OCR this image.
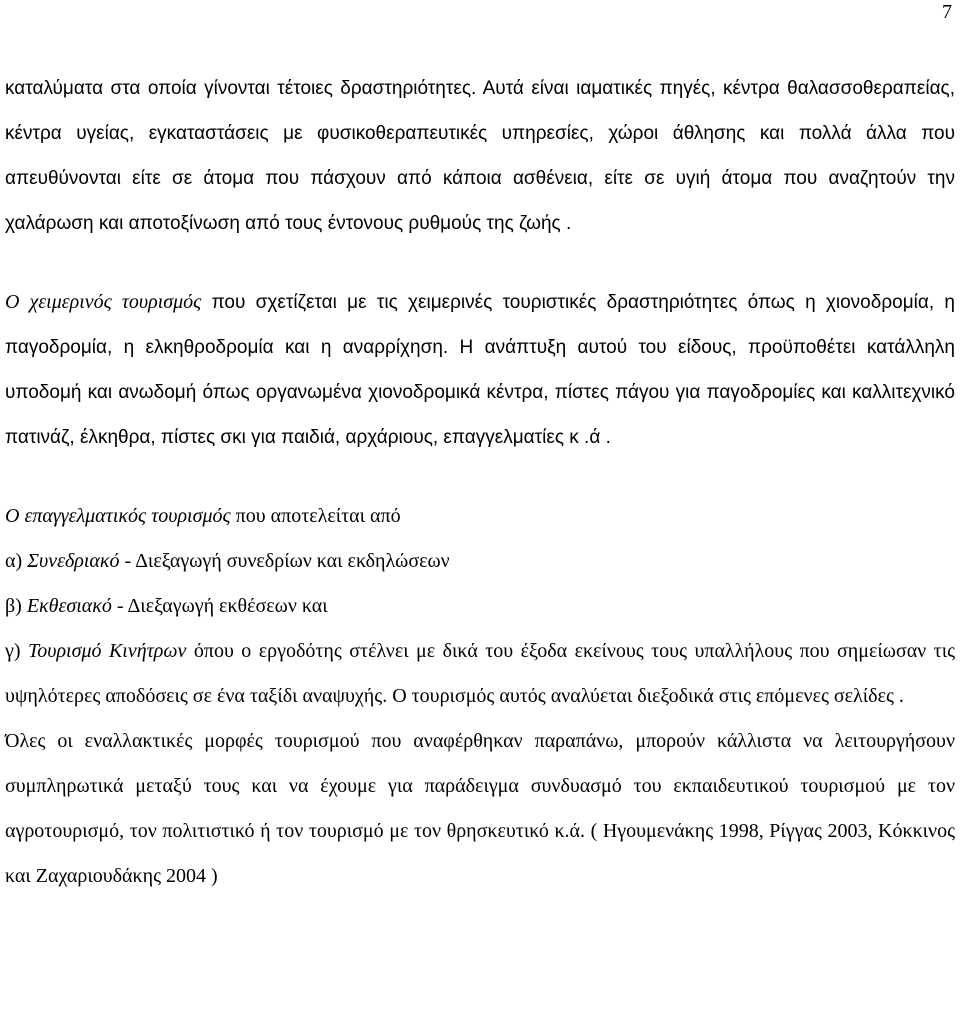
7

καταλύματα στα οποία γίνονται τέτοιες δραστηριότητες. Αυτά είναι ιαματικές πηγές, κέντρα θαλασσοθεραπείας, κέντρα υγείας, εγκαταστάσεις με φυσικοθεραπευτικές υπηρεσίες, χώροι άθλησης και πολλά άλλα που απευθύνονται είτε σε άτομα που πάσχουν από κάποια ασθένεια, είτε σε υγιή άτομα που αναζητούν την χαλάρωση και αποτοξίνωση από τους έντονους ρυθμούς της ζωής .

Ο χειμερινός τουρισμός που σχετίζεται με τις χειμερινές τουριστικές δραστηριότητες όπως η χιονοδρομία, η παγοδρομία, η ελκηθροδρομία και η αναρρίχηση. Η ανάπτυξη αυτού του είδους, προϋποθέτει κατάλληλη υποδομή και ανωδομή όπως οργανωμένα χιονοδρομικά κέντρα, πίστες πάγου για παγοδρομίες και καλλιτεχνικό πατινάζ, έλκηθρα, πίστες σκι για παιδιά, αρχάριους, επαγγελματίες κ .ά .

Ο επαγγελματικός τουρισμός που αποτελείται από
α) Συνεδριακό - Διεξαγωγή συνεδρίων και εκδηλώσεων
β) Εκθεσιακό - Διεξαγωγή εκθέσεων και

γ) Τουρισμό Κινήτρων όπου ο εργοδότης στέλνει με δικά του έξοδα εκείνους τους υπαλλήλους που σημείωσαν τις υψηλότερες αποδόσεις σε ένα ταξίδι αναψυχής. Ο τουρισμός αυτός αναλύεται διεξοδικά στις επόμενες σελίδες .

Όλες οι εναλλακτικές μορφές τουρισμού που αναφέρθηκαν παραπάνω, μπορούν κάλλιστα να λειτουργήσουν συμπληρωτικά μεταξύ τους και να έχουμε για παράδειγμα συνδυασμό του εκπαιδευτικού τουρισμού με τον αγροτουρισμό, τον πολιτιστικό ή τον τουρισμό με τον θρησκευτικό κ.ά. ( Ηγουμενάκης 1998, Ρίγγας 2003, Κόκκινος και Ζαχαριουδάκης 2004 )
